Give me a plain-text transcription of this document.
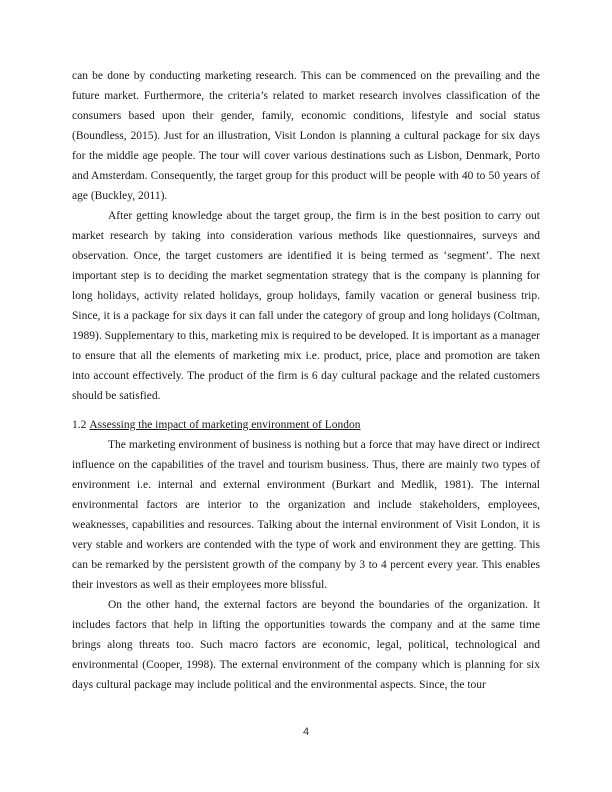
can be done by conducting marketing research. This can be commenced on the prevailing and the future market. Furthermore, the criteria’s related to market research involves classification of the consumers based upon their gender, family, economic conditions, lifestyle and social status (Boundless, 2015). Just for an illustration, Visit London is planning a cultural package for six days for the middle age people. The tour will cover various destinations such as Lisbon, Denmark, Porto and Amsterdam. Consequently, the target group for this product will be people with 40 to 50 years of age (Buckley, 2011).

After getting knowledge about the target group, the firm is in the best position to carry out market research by taking into consideration various methods like questionnaires, surveys and observation. Once, the target customers are identified it is being termed as ‘segment’. The next important step is to deciding the market segmentation strategy that is the company is planning for long holidays, activity related holidays, group holidays, family vacation or general business trip. Since, it is a package for six days it can fall under the category of group and long holidays (Coltman, 1989). Supplementary to this, marketing mix is required to be developed. It is important as a manager to ensure that all the elements of marketing mix i.e. product, price, place and promotion are taken into account effectively. The product of the firm is 6 day cultural package and the related customers should be satisfied.

1.2 Assessing the impact of marketing environment of London

The marketing environment of business is nothing but a force that may have direct or indirect influence on the capabilities of the travel and tourism business. Thus, there are mainly two types of environment i.e. internal and external environment (Burkart and Medlik, 1981). The internal environmental factors are interior to the organization and include stakeholders, employees, weaknesses, capabilities and resources. Talking about the internal environment of Visit London, it is very stable and workers are contended with the type of work and environment they are getting. This can be remarked by the persistent growth of the company by 3 to 4 percent every year. This enables their investors as well as their employees more blissful.

On the other hand, the external factors are beyond the boundaries of the organization. It includes factors that help in lifting the opportunities towards the company and at the same time brings along threats too. Such macro factors are economic, legal, political, technological and environmental (Cooper, 1998). The external environment of the company which is planning for six days cultural package may include political and the environmental aspects. Since, the tour

4
